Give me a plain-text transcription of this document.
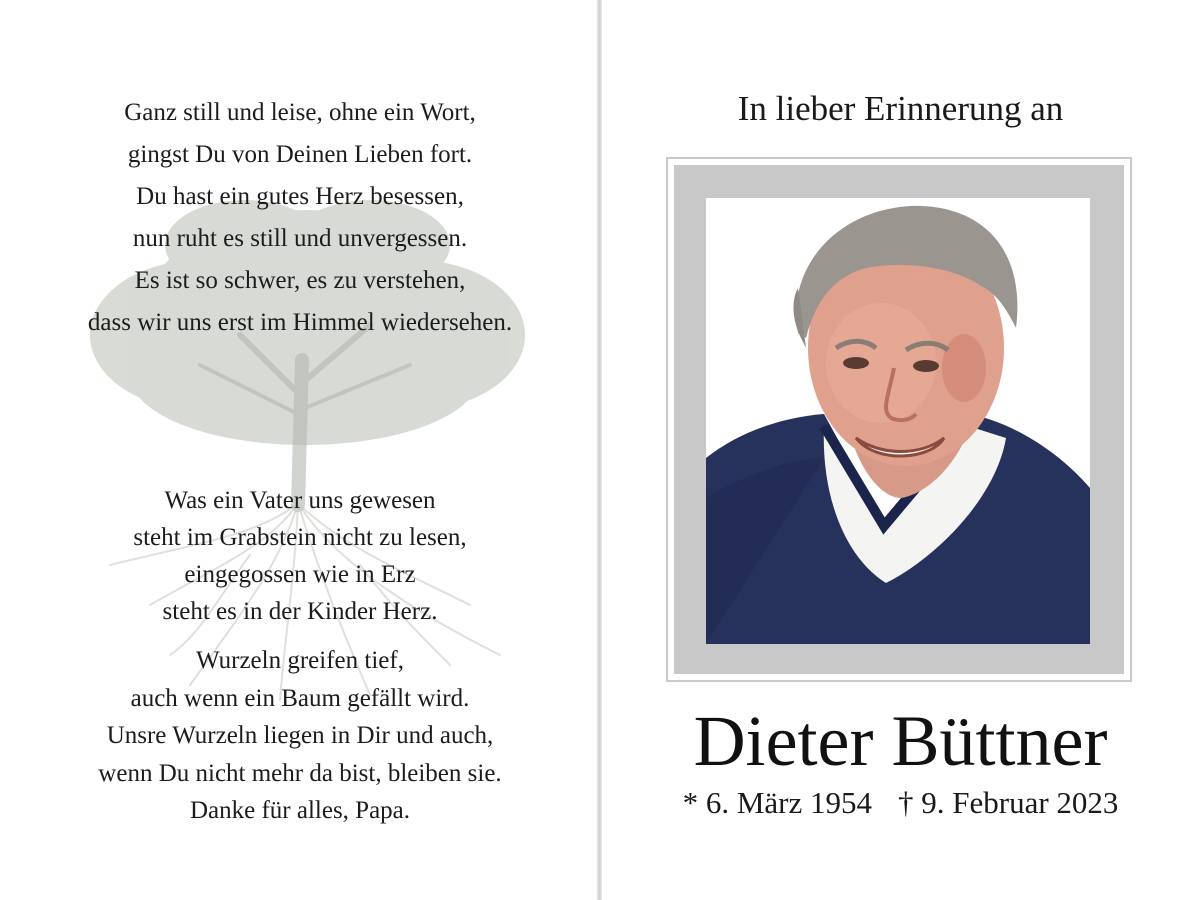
Ganz still und leise, ohne ein Wort,
gingst Du von Deinen Lieben fort.
Du hast ein gutes Herz besessen,
nun ruht es still und unvergessen.
Es ist so schwer, es zu verstehen,
dass wir uns erst im Himmel wiedersehen.
Was ein Vater uns gewesen
steht im Grabstein nicht zu lesen,
eingegossen wie in Erz
steht es in der Kinder Herz.
Wurzeln greifen tief,
auch wenn ein Baum gefällt wird.
Unsre Wurzeln liegen in Dir und auch,
wenn Du nicht mehr da bist, bleiben sie.
Danke für alles, Papa.
In lieber Erinnerung an
Dieter Büttner
* 6. März 1954 † 9. Februar 2023
